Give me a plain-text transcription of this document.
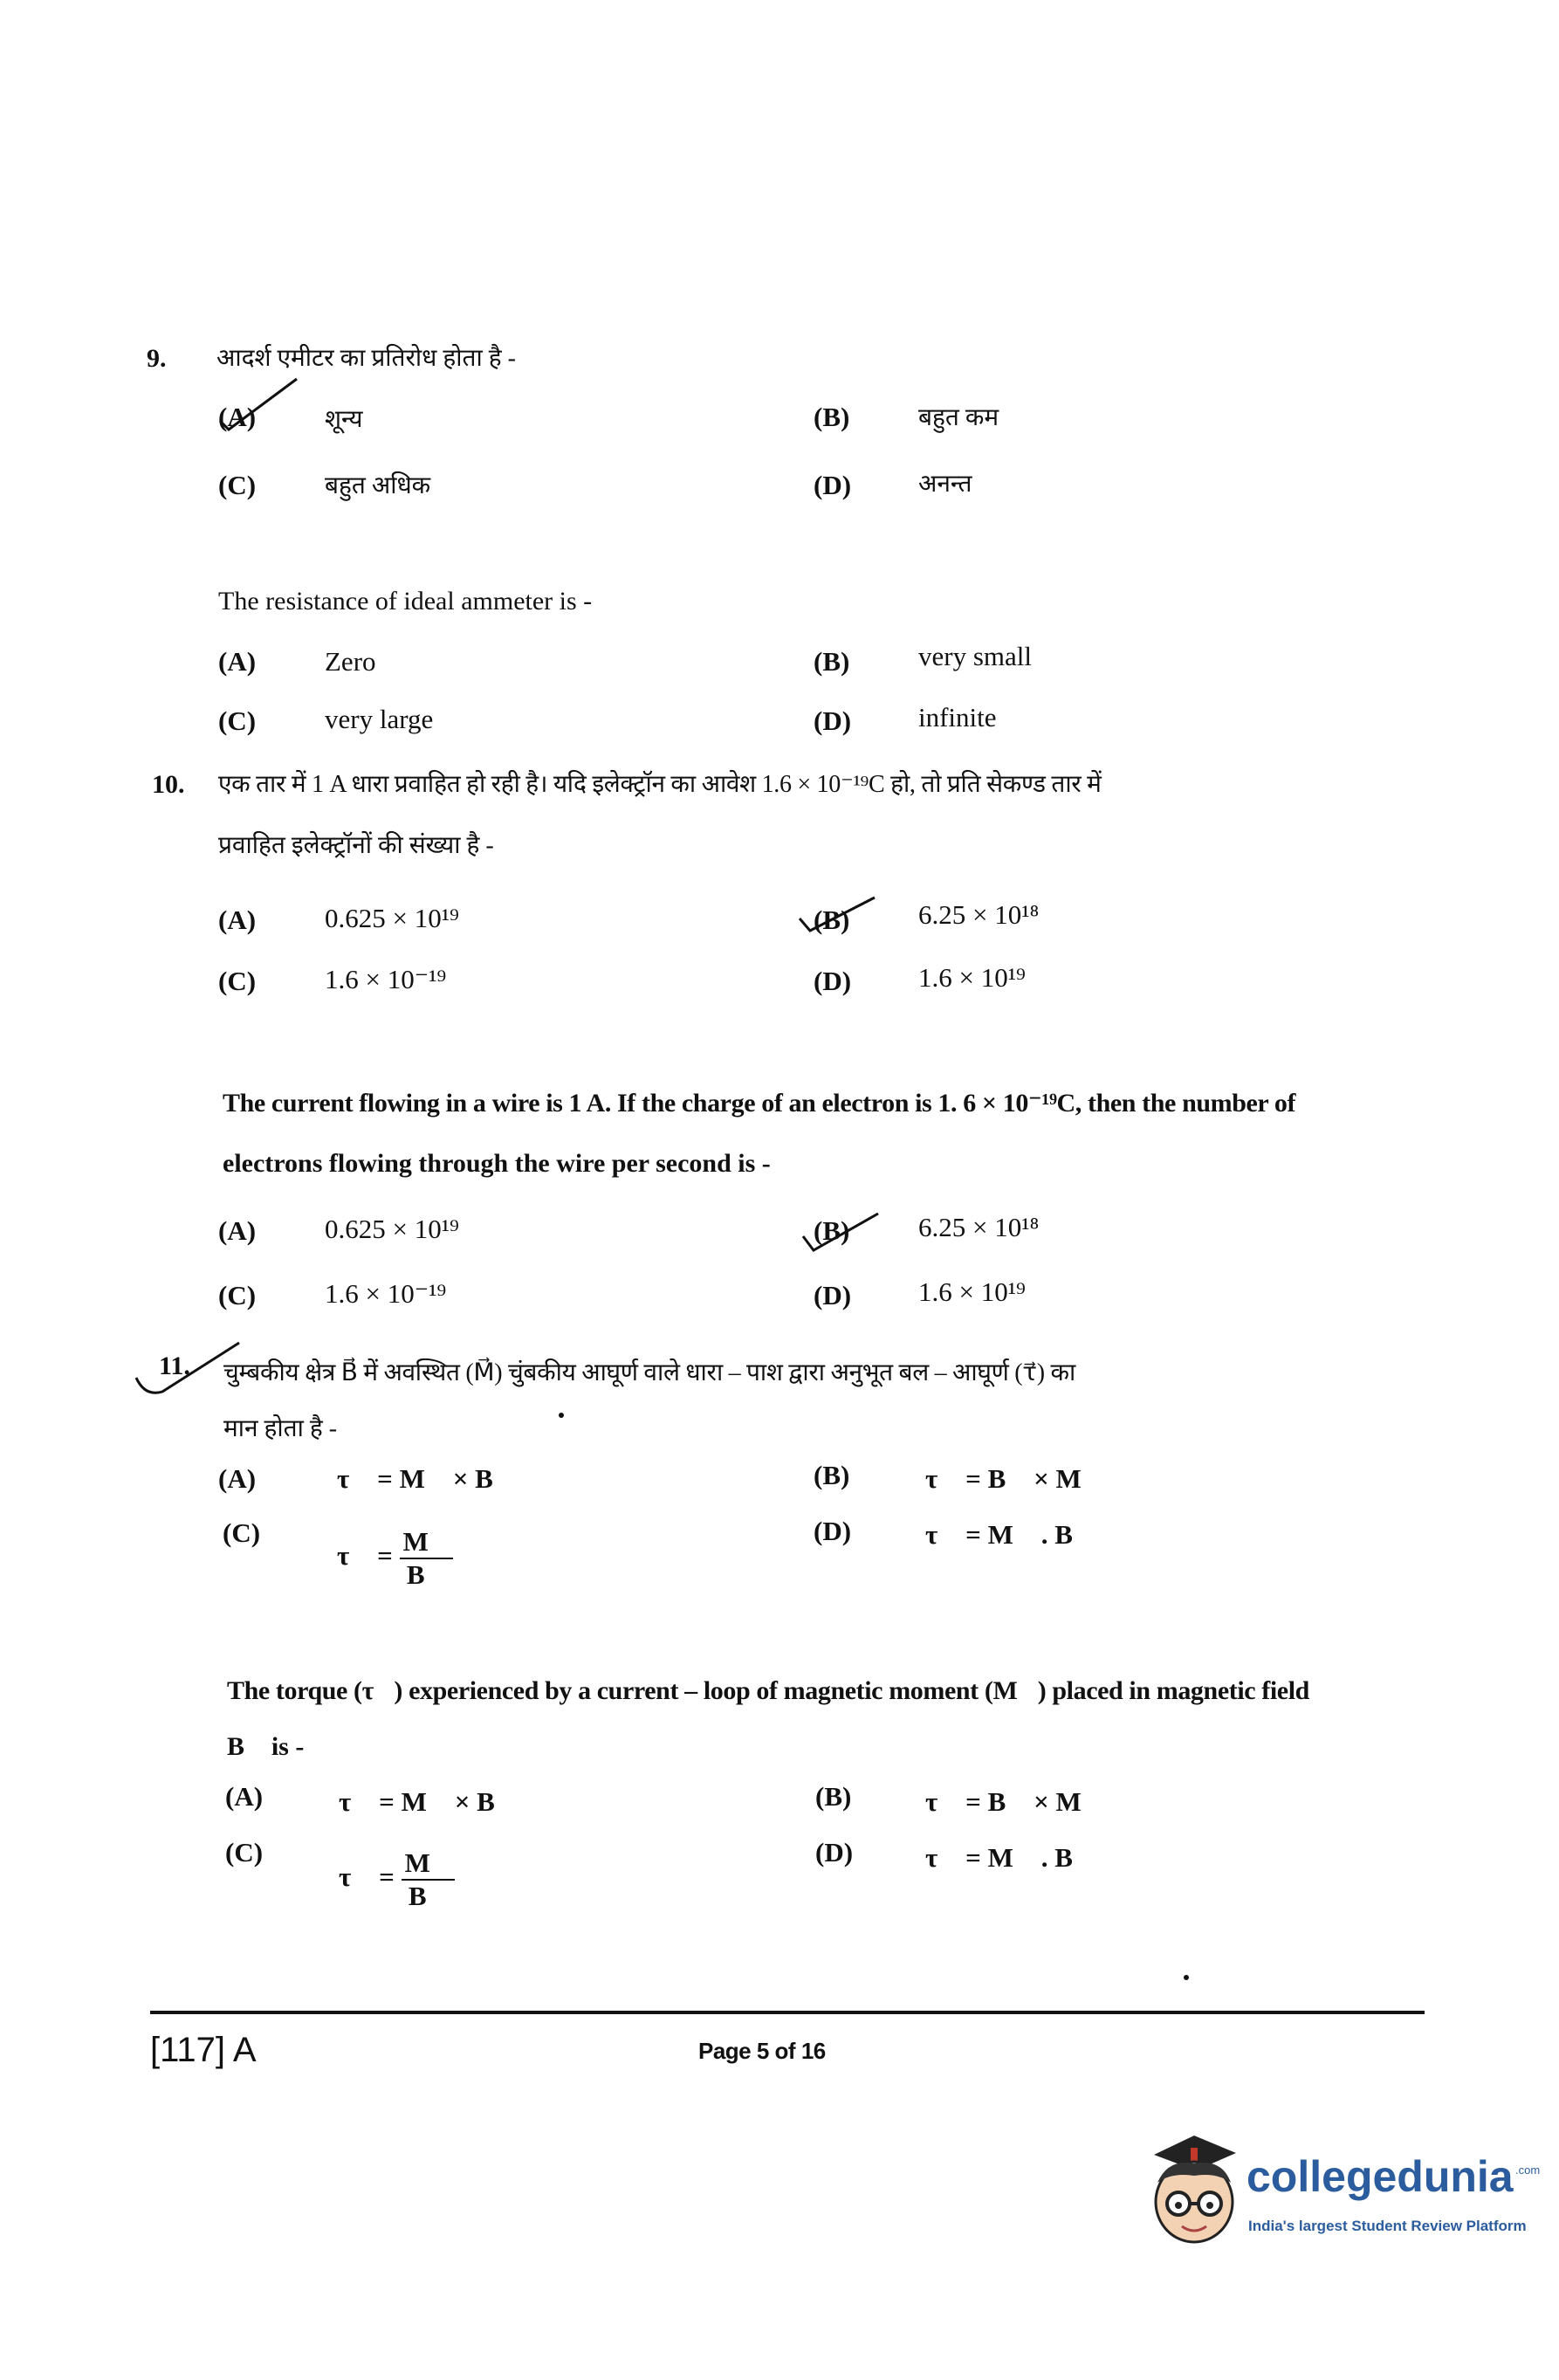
9. आदर्श एमीटर का प्रतिरोध होता है -
(A)	शून्य	(B)	बहुत कम
(C)	बहुत अधिक	(D)	अनन्त
The resistance of ideal ammeter is -
(A)	Zero	(B)	very small
(C)	very large	(D) infinite
10. एक तार में 1 A धारा प्रवाहित हो रही है। यदि इलेक्ट्रॉन का आवेश 1.6 × 10⁻¹⁹C हो, तो प्रति सेकण्ड तार में
प्रवाहित इलेक्ट्रॉनों की संख्या है -
(A)	0.625 × 10¹⁹	(B)	6.25 × 10¹⁸
(C)	1.6 × 10⁻¹⁹	(D) 1.6 × 10¹⁹
The current flowing in a wire is 1 A. If the charge of an electron is 1. 6 × 10⁻¹⁹C, then the number of
electrons flowing through the wire per second is -
(A)	0.625 × 10¹⁹	(B)	6.25 × 10¹⁸
(C)	1.6 × 10⁻¹⁹	(D) 1.6 × 10¹⁹
11. चुम्बकीय क्षेत्र B⃗ में अवस्थित (M⃗) चुंबकीय आघूर्ण वाले धारा – पाश द्वारा अनुभूत बल – आघूर्ण (τ⃗) का
मान होता है -
(A)	τ⃗ = M⃗ × B⃗	(B)	τ⃗ = B⃗ × M⃗
(C)
τ⃗ = $\frac{M⃗}{B⃗}$	(D)	τ⃗ = M⃗ . B⃗
The torque (τ⃗) experienced by a current – loop of magnetic moment (M⃗) placed in magnetic field
B⃗ is -
(A)	τ⃗ = M⃗ × B⃗	(B)	τ⃗ = B⃗ × M⃗
(C)
τ⃗ = $\frac{M⃗}{B⃗}$	(D)	τ⃗ = M⃗ . B⃗
[117] A	Page 5 of 16
collegedunia .com
India's largest Student Review Platform
